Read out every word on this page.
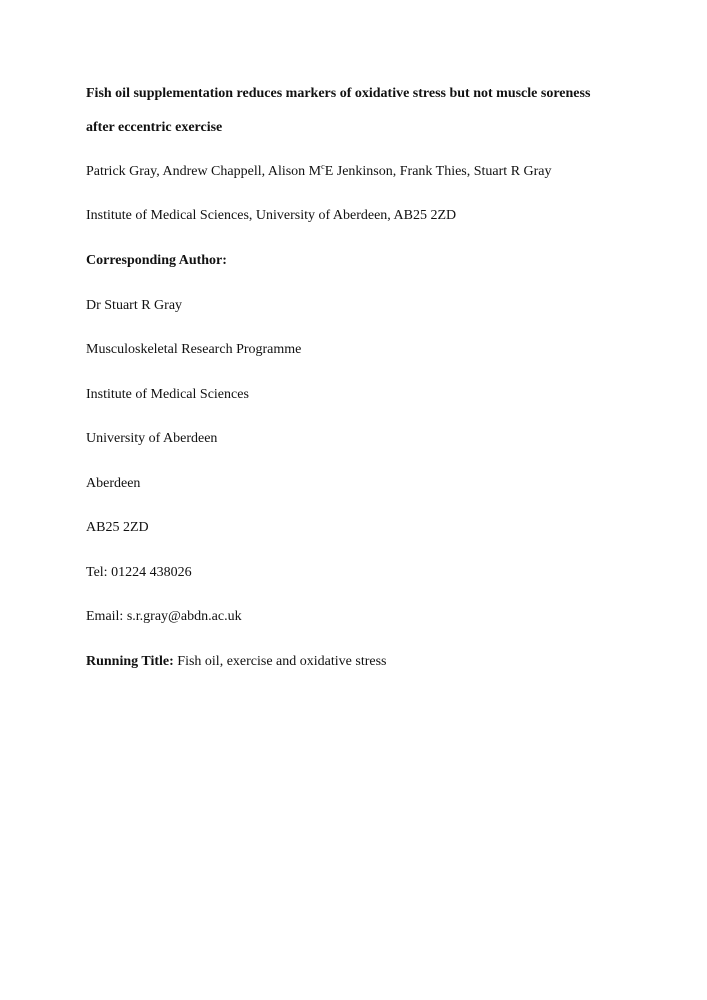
Fish oil supplementation reduces markers of oxidative stress but not muscle soreness
after eccentric exercise
Patrick Gray, Andrew Chappell, Alison $M^cE$ Jenkinson, Frank Thies, Stuart R Gray
Institute of Medical Sciences, University of Aberdeen, AB25 2ZD
Corresponding Author:
Dr Stuart R Gray
Musculoskeletal Research Programme
Institute of Medical Sciences
University of Aberdeen
Aberdeen
AB25 2ZD
Tel: 01224 438026
Email: s.r.gray@abdn.ac.uk
Running Title: Fish oil, exercise and oxidative stress
